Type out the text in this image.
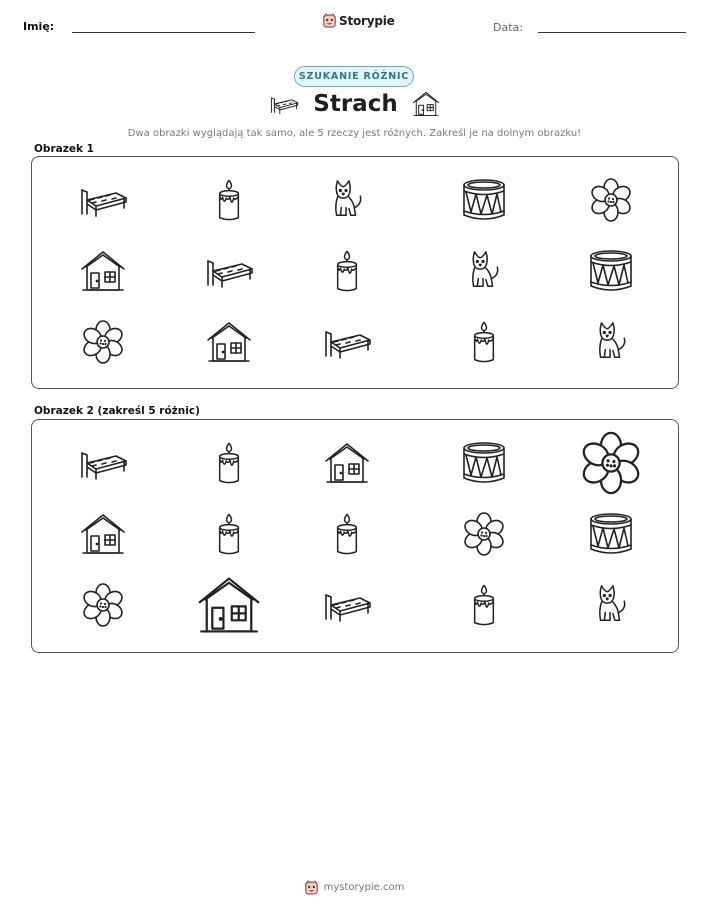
Imię:	Storypie	Data:
SZUKANIE RÓŻNIC
Strach
Dwa obrazki wyglądają tak samo, ale 5 rzeczy jest różnych. Zakreśl je na dolnym obrazku!
Obrazek 1
Obrazek 2 (zakreśl 5 różnic)
mystorypie.com
